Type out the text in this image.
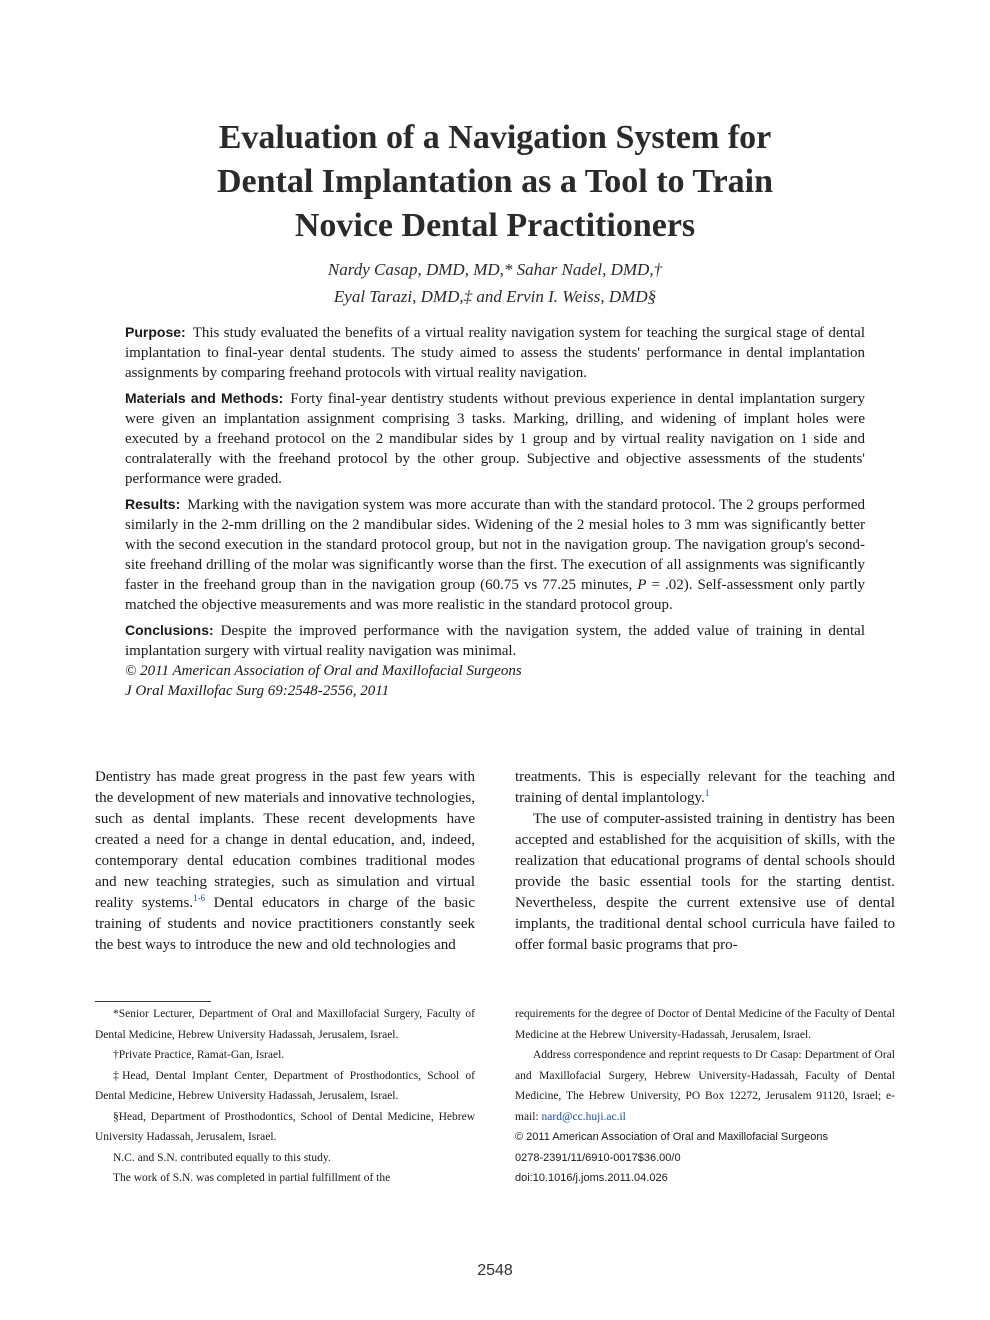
Evaluation of a Navigation System for
Dental Implantation as a Tool to Train
Novice Dental Practitioners
Nardy Casap, DMD, MD,* Sahar Nadel, DMD,†
Eyal Tarazi, DMD,‡ and Ervin I. Weiss, DMD§

Purpose: This study evaluated the benefits of a virtual reality navigation system for teaching the surgical stage of dental implantation to final-year dental students. The study aimed to assess the students' performance in dental implantation assignments by comparing freehand protocols with virtual reality navigation.

Materials and Methods: Forty final-year dentistry students without previous experience in dental implantation surgery were given an implantation assignment comprising 3 tasks. Marking, drilling, and widening of implant holes were executed by a freehand protocol on the 2 mandibular sides by 1 group and by virtual reality navigation on 1 side and contralaterally with the freehand protocol by the other group. Subjective and objective assessments of the students' performance were graded.

Results: Marking with the navigation system was more accurate than with the standard protocol. The 2 groups performed similarly in the 2-mm drilling on the 2 mandibular sides. Widening of the 2 mesial holes to 3 mm was significantly better with the second execution in the standard protocol group, but not in the navigation group. The navigation group's second-site freehand drilling of the molar was significantly worse than the first. The execution of all assignments was significantly faster in the freehand group than in the navigation group (60.75 vs 77.25 minutes, P = .02). Self-assessment only partly matched the objective measurements and was more realistic in the standard protocol group.

Conclusions: Despite the improved performance with the navigation system, the added value of training in dental implantation surgery with virtual reality navigation was minimal.

© 2011 American Association of Oral and Maxillofacial Surgeons
J Oral Maxillofac Surg 69:2548-2556, 2011

Dentistry has made great progress in the past few years with the development of new materials and innovative technologies, such as dental implants. These recent developments have created a need for a change in dental education, and, indeed, contemporary dental education combines traditional modes and new teaching strategies, such as simulation and virtual reality systems.$^{1-6}$ Dental educators in charge of the basic training of students and novice practitioners constantly seek the best ways to introduce the new and old technologies and

treatments. This is especially relevant for the teaching and training of dental implantology.$^1$

The use of computer-assisted training in dentistry has been accepted and established for the acquisition of skills, with the realization that educational programs of dental schools should provide the basic essential tools for the starting dentist. Nevertheless, despite the current extensive use of dental implants, the traditional dental school curricula have failed to offer formal basic programs that pro-

*Senior Lecturer, Department of Oral and Maxillofacial Surgery, Faculty of Dental Medicine, Hebrew University Hadassah, Jerusalem, Israel.

†Private Practice, Ramat-Gan, Israel.

‡Head, Dental Implant Center, Department of Prosthodontics, School of Dental Medicine, Hebrew University Hadassah, Jerusalem, Israel.

§Head, Department of Prosthodontics, School of Dental Medicine, Hebrew University Hadassah, Jerusalem, Israel.

N.C. and S.N. contributed equally to this study.

The work of S.N. was completed in partial fulfillment of the

requirements for the degree of Doctor of Dental Medicine of the Faculty of Dental Medicine at the Hebrew University-Hadassah, Jerusalem, Israel.

Address correspondence and reprint requests to Dr Casap: Department of Oral and Maxillofacial Surgery, Hebrew University-Hadassah, Faculty of Dental Medicine, The Hebrew University, PO Box 12272, Jerusalem 91120, Israel; e-mail: nard@cc.huji.ac.il

© 2011 American Association of Oral and Maxillofacial Surgeons

0278-2391/11/6910-0017$36.00/0

doi:10.1016/j.joms.2011.04.026

2548
